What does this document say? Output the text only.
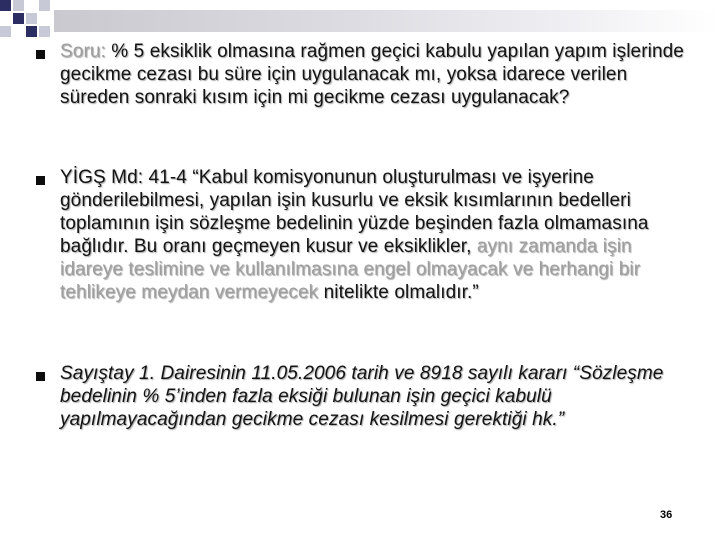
Soru: % 5 eksiklik olmasına rağmen geçici kabulu yapılan yapım işlerinde gecikme cezası bu süre için uygulanacak mı, yoksa idarece verilen süreden sonraki kısım için mi gecikme cezası uygulanacak?
YİGŞ Md: 41-4 “Kabul komisyonunun oluşturulması ve işyerine gönderilebilmesi, yapılan işin kusurlu ve eksik kısımlarının bedelleri toplamının işin sözleşme bedelinin yüzde beşinden fazla olmamasına bağlıdır. Bu oranı geçmeyen kusur ve eksiklikler, aynı zamanda işin idareye teslimine ve kullanılmasına engel olmayacak ve herhangi bir tehlikeye meydan vermeyecek nitelikte olmalıdır.”
Sayıştay 1. Dairesinin 11.05.2006 tarih ve 8918 sayılı kararı “Sözleşme bedelinin % 5’inden fazla eksiği bulunan işin geçici kabulü yapılmayacağından gecikme cezası kesilmesi gerektiği hk.”
36
